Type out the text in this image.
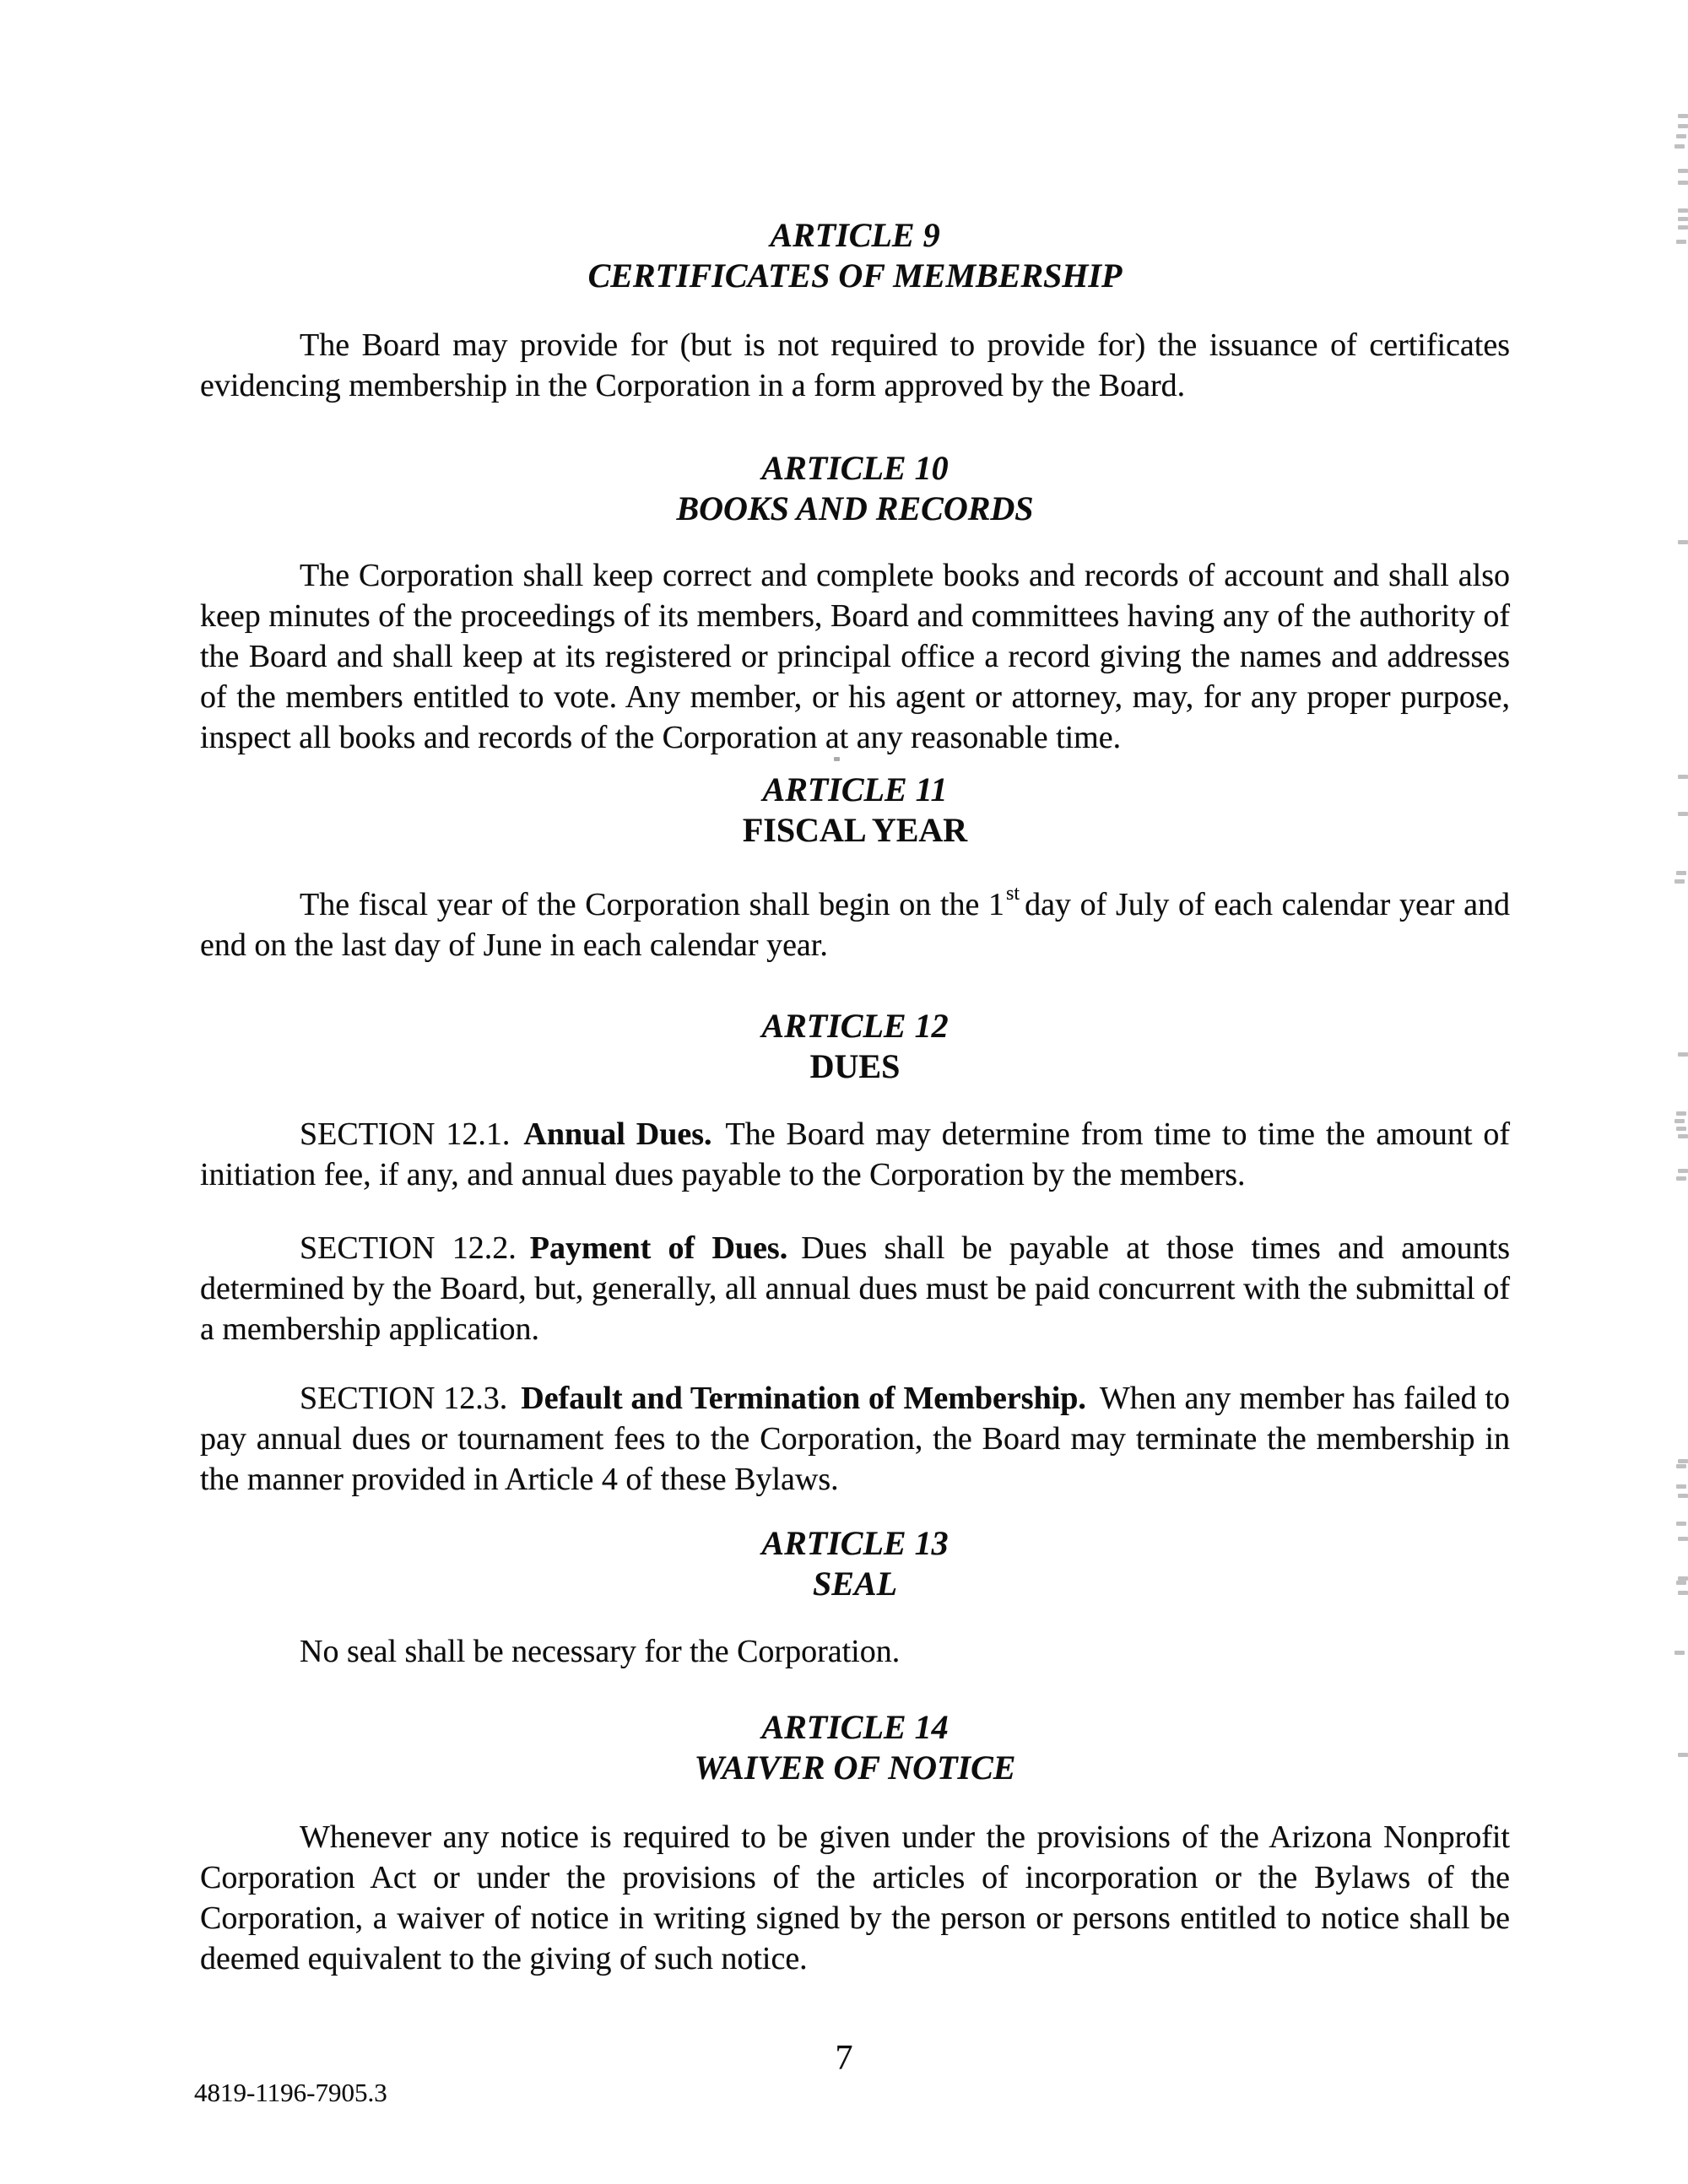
ARTICLE 9
CERTIFICATES OF MEMBERSHIP

The Board may provide for (but is not required to provide for) the issuance of certificates evidencing membership in the Corporation in a form approved by the Board.

ARTICLE 10
BOOKS AND RECORDS

The Corporation shall keep correct and complete books and records of account and shall also keep minutes of the proceedings of its members, Board and committees having any of the authority of the Board and shall keep at its registered or principal office a record giving the names and addresses of the members entitled to vote. Any member, or his agent or attorney, may, for any proper purpose, inspect all books and records of the Corporation at any reasonable time.

ARTICLE 11
FISCAL YEAR

The fiscal year of the Corporation shall begin on the 1st day of July of each calendar year and end on the last day of June in each calendar year.

ARTICLE 12
DUES

SECTION 12.1. Annual Dues. The Board may determine from time to time the amount of initiation fee, if any, and annual dues payable to the Corporation by the members.

SECTION 12.2. Payment of Dues. Dues shall be payable at those times and amounts determined by the Board, but, generally, all annual dues must be paid concurrent with the submittal of a membership application.

SECTION 12.3. Default and Termination of Membership. When any member has failed to pay annual dues or tournament fees to the Corporation, the Board may terminate the membership in the manner provided in Article 4 of these Bylaws.

ARTICLE 13
SEAL

No seal shall be necessary for the Corporation.

ARTICLE 14
WAIVER OF NOTICE

Whenever any notice is required to be given under the provisions of the Arizona Nonprofit Corporation Act or under the provisions of the articles of incorporation or the Bylaws of the Corporation, a waiver of notice in writing signed by the person or persons entitled to notice shall be deemed equivalent to the giving of such notice.

7
4819-1196-7905.3
